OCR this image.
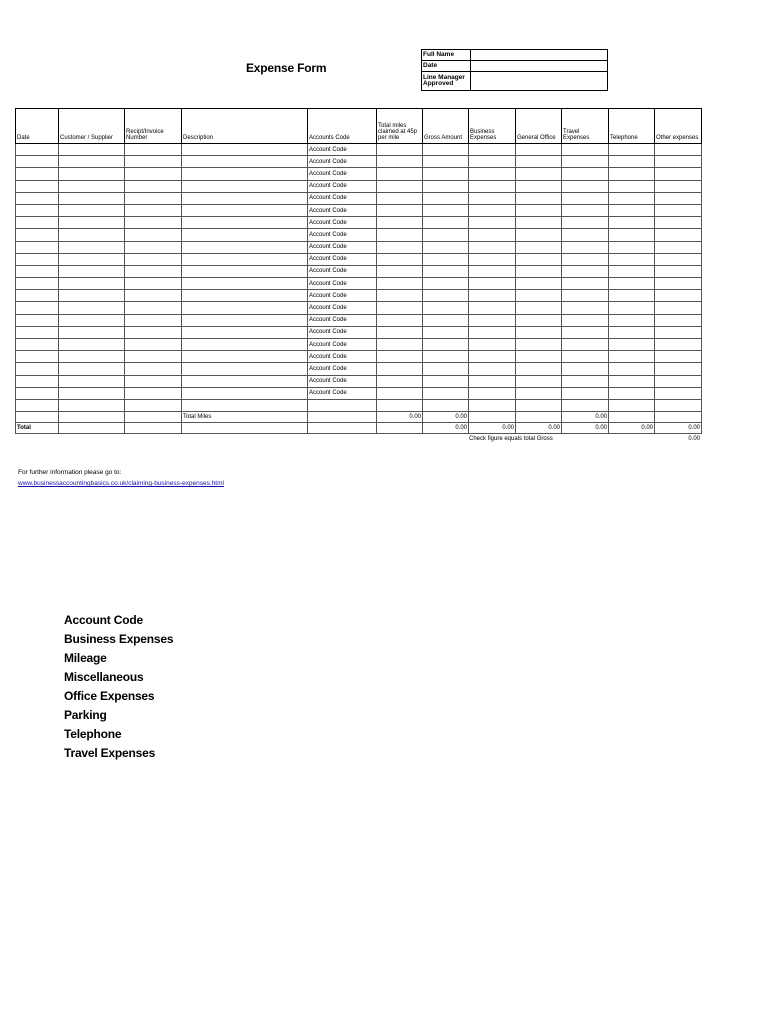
Expense Form
Full Name	
Date	
Line Manager Approved	
Date	Customer / Supplier	Recipt/Invoice Number	Description	Accounts Code	Total miles claimed at 45p per mile	Gross Amount	Business Expenses	General Office	Travel Expenses	Telephone	Other expenses
				Account Code							
				Account Code							
				Account Code							
				Account Code							
				Account Code							
				Account Code							
				Account Code							
				Account Code							
				Account Code							
				Account Code							
				Account Code							
				Account Code							
				Account Code							
				Account Code							
				Account Code							
				Account Code							
				Account Code							
				Account Code							
				Account Code							
				Account Code							
				Account Code							

			Total Miles		0.00	0.00			0.00		
Total						0.00	0.00	0.00	0.00	0.00	0.00
Check figure equals total Gross	0.00
For further information please go to:
www.businessaccountingbasics.co.uk/claiming-business-expenses.html
Account Code
Business Expenses
Mileage
Miscellaneous
Office Expenses
Parking
Telephone
Travel Expenses
